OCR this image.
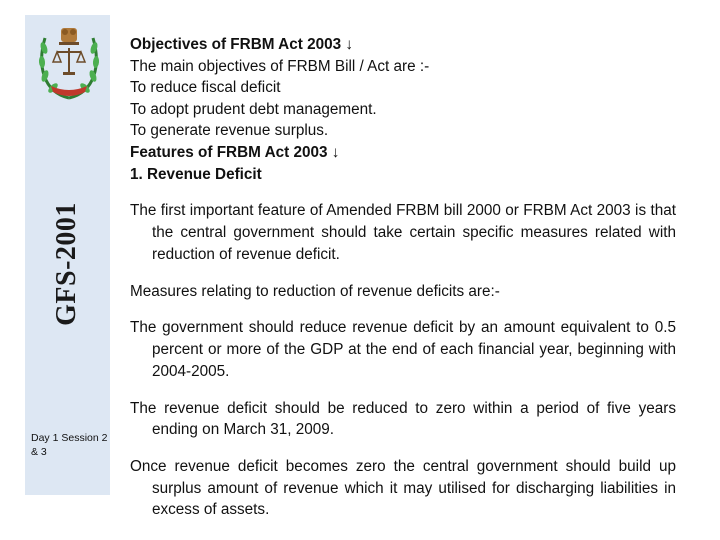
GFS-2001
Day 1 Session 2 & 3

Objectives of FRBM Act 2003 ↓

The main objectives of FRBM Bill / Act are :-

To reduce fiscal deficit

To adopt prudent debt management.

To generate revenue surplus.

Features of FRBM Act 2003 ↓

1. Revenue Deficit

The first important feature of Amended FRBM bill 2000 or FRBM Act 2003 is that the central government should take certain specific measures related with reduction of revenue deficit.

Measures relating to reduction of revenue deficits are:-

The government should reduce revenue deficit by an amount equivalent to 0.5 percent or more of the GDP at the end of each financial year, beginning with 2004-2005.

The revenue deficit should be reduced to zero within a period of five years ending on March 31, 2009.

Once revenue deficit becomes zero the central government should build up surplus amount of revenue which it may utilised for discharging liabilities in excess of assets.
